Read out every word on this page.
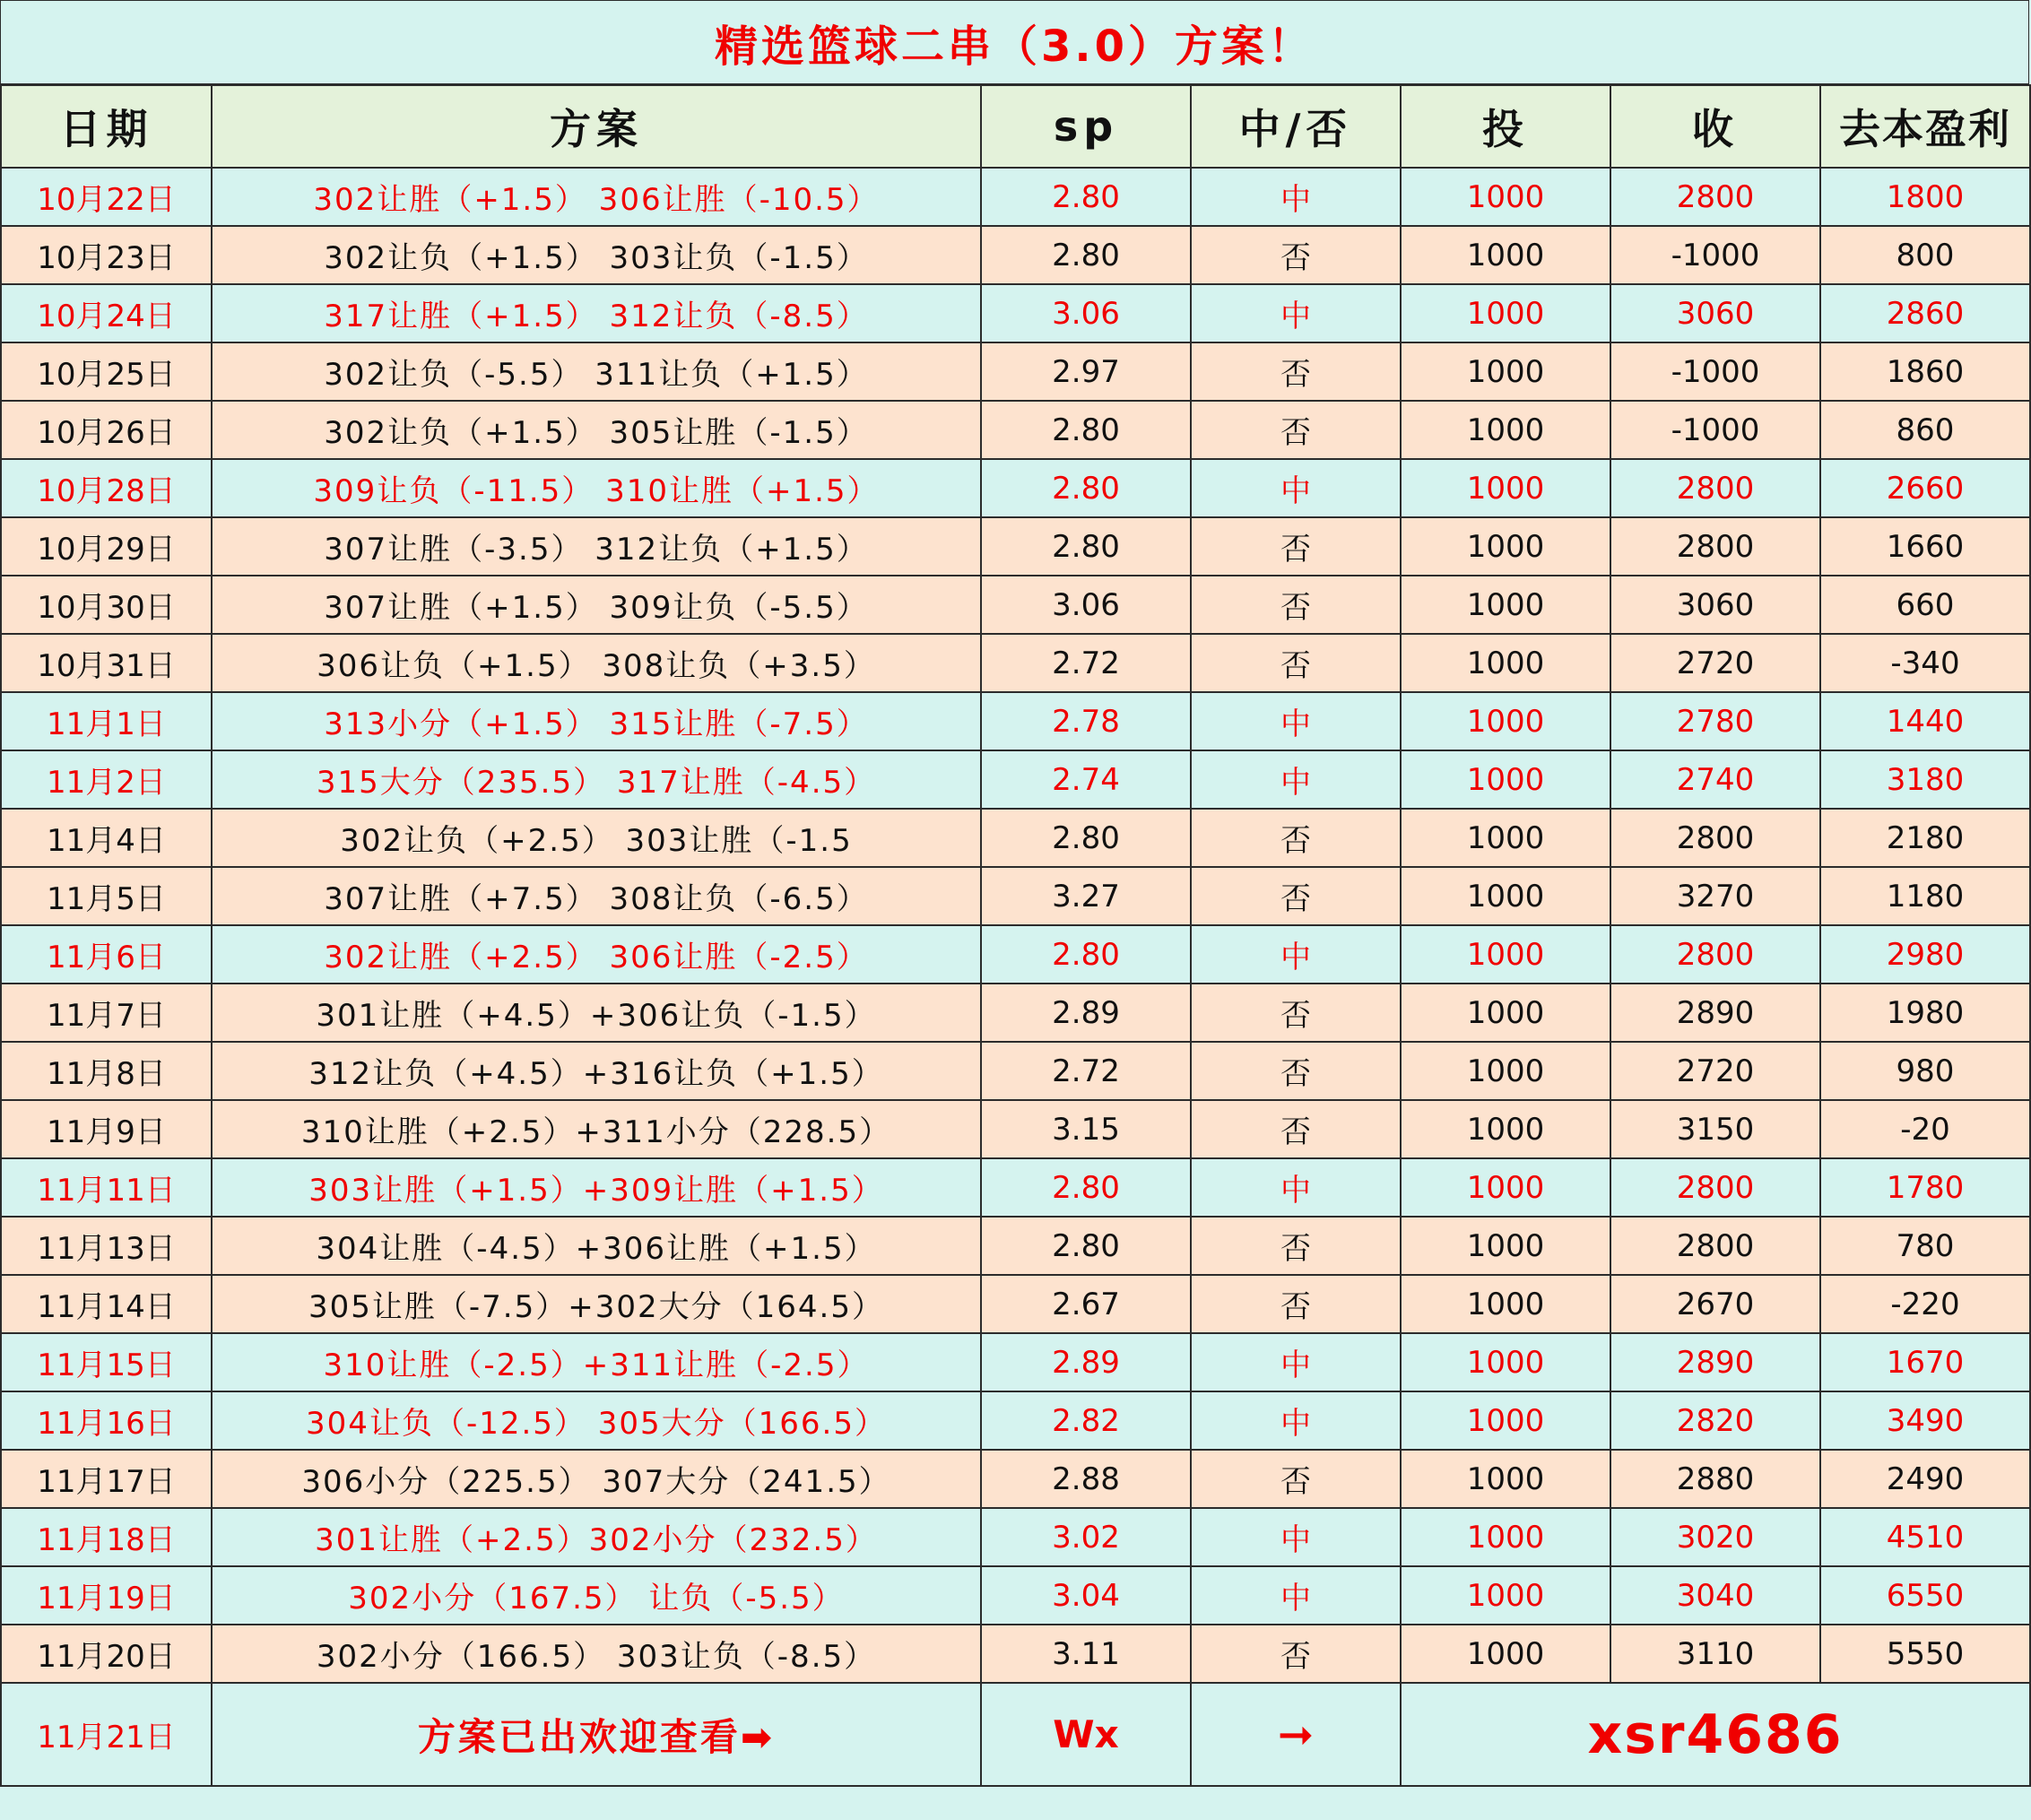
精选篮球二串（3.0）方案！
日期	方案	sp	中/否	投	收	去本盈利
10月22日	302让胜（+1.5） 306让胜（-10.5）	2.80	中	1000	2800	1800
10月23日	302让负（+1.5） 303让负（-1.5）	2.80	否	1000	-1000	800
10月24日	317让胜（+1.5） 312让负（-8.5）	3.06	中	1000	3060	2860
10月25日	302让负（-5.5） 311让负（+1.5）	2.97	否	1000	-1000	1860
10月26日	302让负（+1.5） 305让胜（-1.5）	2.80	否	1000	-1000	860
10月28日	309让负（-11.5） 310让胜（+1.5）	2.80	中	1000	2800	2660
10月29日	307让胜（-3.5） 312让负（+1.5）	2.80	否	1000	2800	1660
10月30日	307让胜（+1.5） 309让负（-5.5）	3.06	否	1000	3060	660
10月31日	306让负（+1.5） 308让负（+3.5）	2.72	否	1000	2720	-340
11月1日	313小分（+1.5） 315让胜（-7.5）	2.78	中	1000	2780	1440
11月2日	315大分（235.5） 317让胜（-4.5）	2.74	中	1000	2740	3180
11月4日	302让负（+2.5） 303让胜（-1.5	2.80	否	1000	2800	2180
11月5日	307让胜（+7.5） 308让负（-6.5）	3.27	否	1000	3270	1180
11月6日	302让胜（+2.5） 306让胜（-2.5）	2.80	中	1000	2800	2980
11月7日	301让胜（+4.5）+306让负（-1.5）	2.89	否	1000	2890	1980
11月8日	312让负（+4.5）+316让负（+1.5）	2.72	否	1000	2720	980
11月9日	310让胜（+2.5）+311小分（228.5）	3.15	否	1000	3150	-20
11月11日	303让胜（+1.5）+309让胜（+1.5）	2.80	中	1000	2800	1780
11月13日	304让胜（-4.5）+306让胜（+1.5）	2.80	否	1000	2800	780
11月14日	305让胜（-7.5）+302大分（164.5）	2.67	否	1000	2670	-220
11月15日	310让胜（-2.5）+311让胜（-2.5）	2.89	中	1000	2890	1670
11月16日	304让负（-12.5） 305大分（166.5）	2.82	中	1000	2820	3490
11月17日	306小分（225.5） 307大分（241.5）	2.88	否	1000	2880	2490
11月18日	301让胜（+2.5）302小分（232.5）	3.02	中	1000	3020	4510
11月19日	302小分（167.5） 让负（-5.5）	3.04	中	1000	3040	6550
11月20日	302小分（166.5） 303让负（-8.5）	3.11	否	1000	3110	5550
11月21日	方案已出欢迎查看➡	Wx	➞	xsr4686		
